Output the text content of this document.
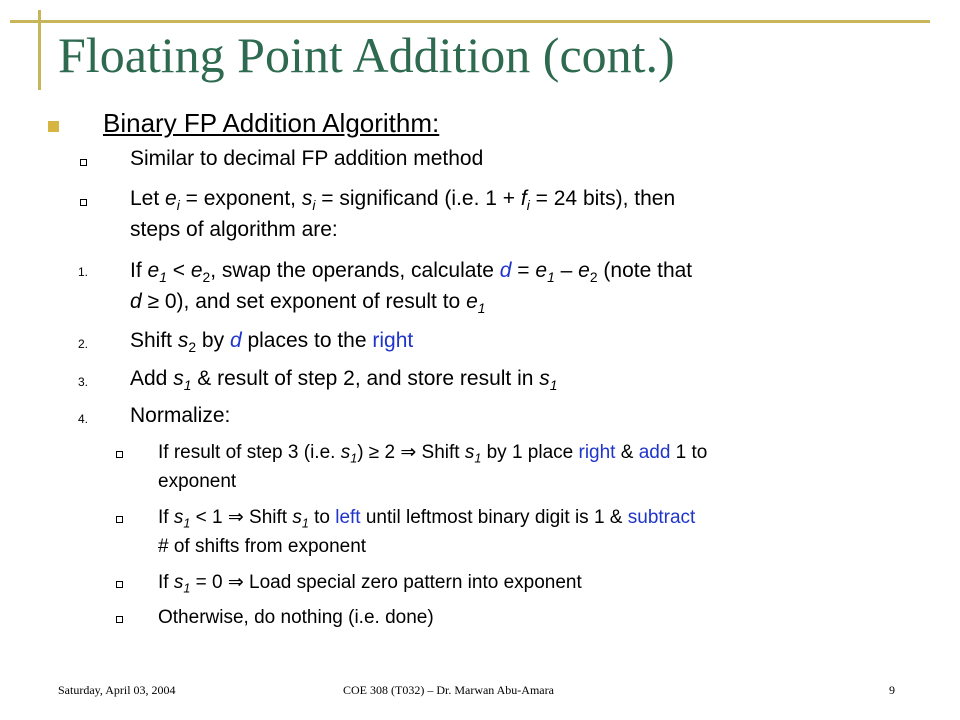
Floating Point Addition (cont.)
Binary FP Addition Algorithm:
Similar to decimal FP addition method
Let $e_i$ = exponent, $s_i$ = significand (i.e. $1 + f_i = 24$ bits), then
steps of algorithm are:
1. If $e_1 < e_2$, swap the operands, calculate $d = e_1 - e_2$ (note that
d ≥ 0), and set exponent of result to $e_1$
2. Shift $s_2$ by d places to the right
3. Add $s_1$ & result of step 2, and store result in $s_1$
4. Normalize:
If result of step 3 (i.e. $s_1) \ge 2$ ⇒ Shift $s_1$ by 1 place right & add 1 to
exponent
If $s_1 < 1$ ⇒ Shift $s_1$ to left until leftmost binary digit is 1 & subtract
# of shifts from exponent
If $s_1 = 0$ ⇒ Load special zero pattern into exponent
Otherwise, do nothing (i.e. done)
Saturday, April 03, 2004	COE 308 (T032) – Dr. Marwan Abu-Amara	9
